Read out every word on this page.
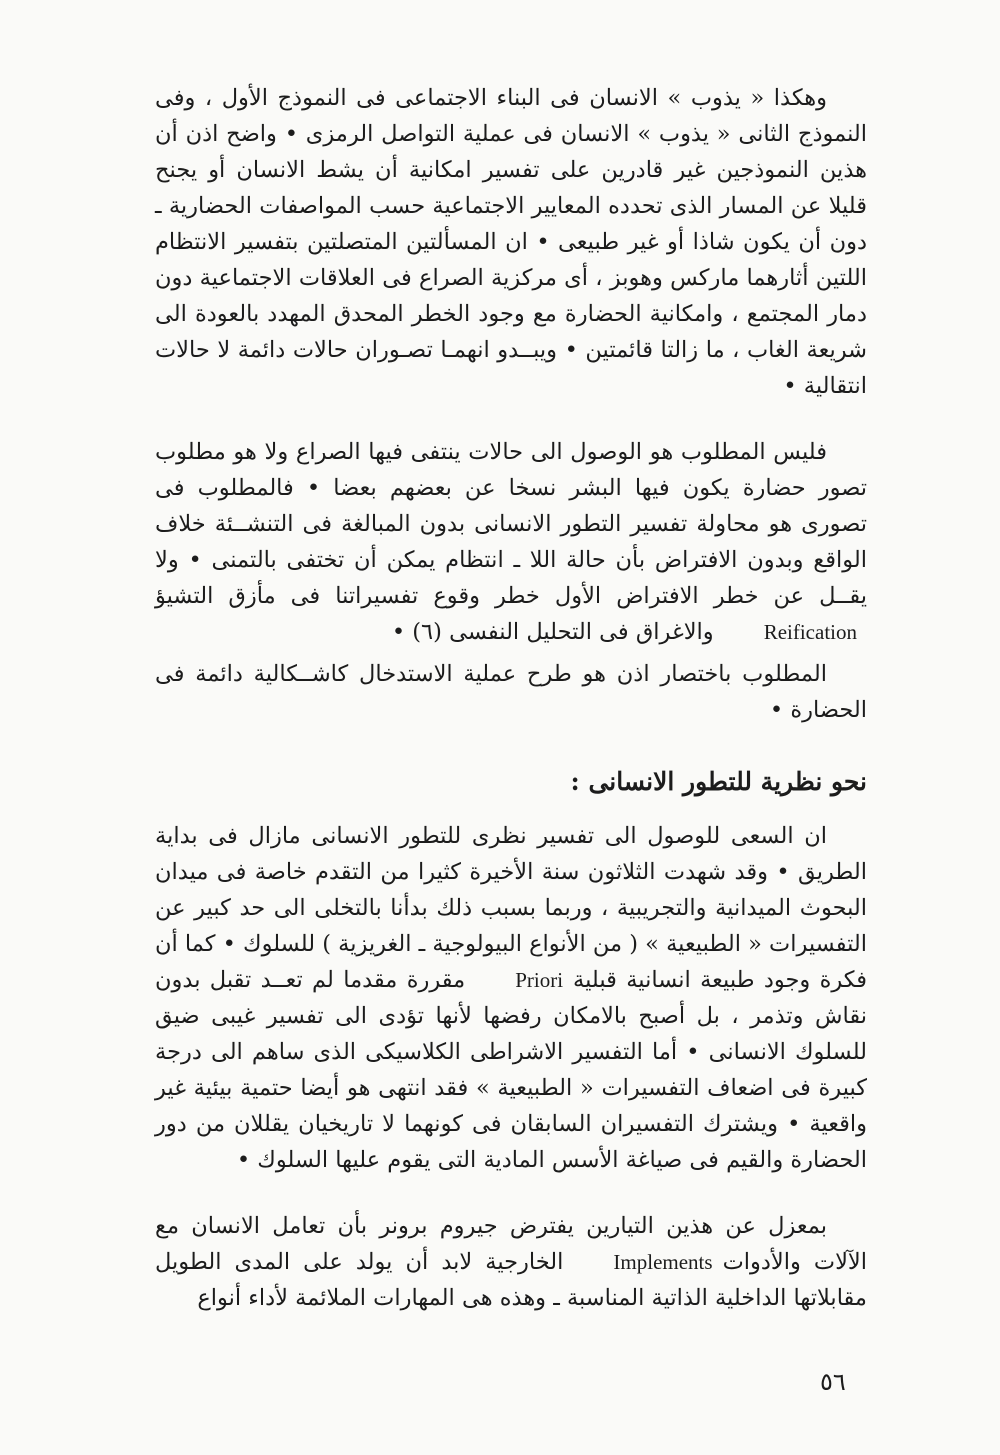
وهكذا « يذوب » الانسان فى البناء الاجتماعى فى النموذج الأول ، وفى النموذج الثانى « يذوب » الانسان فى عملية التواصل الرمزى • واضح اذن أن هذين النموذجين غير قادرين على تفسير امكانية أن يشط الانسان أو يجنح قليلا عن المسار الذى تحدده المعايير الاجتماعية حسب المواصفات الحضارية ـ دون أن يكون شاذا أو غير طبيعى • ان المسألتين المتصلتين بتفسير الانتظام اللتين أثارهما ماركس وهوبز ، أى مركزية الصراع فى العلاقات الاجتماعية دون دمار المجتمع ، وامكانية الحضارة مع وجود الخطر المحدق المهدد بالعودة الى شريعة الغاب ، ما زالتا قائمتين • ويبــدو انهمـا تصـوران حالات دائمة لا حالات انتقالية •

فليس المطلوب هو الوصول الى حالات ينتفى فيها الصراع ولا هو مطلوب تصور حضارة يكون فيها البشر نسخا عن بعضهم بعضا • فالمطلوب فى تصورى هو محاولة تفسير التطور الانسانى بدون المبالغة فى التنشــئة خلاف الواقع وبدون الافتراض بأن حالة اللا ـ انتظام يمكن أن تختفى بالتمنى • ولا يقــل عن خطر الافتراض الأول خطر وقوع تفسيراتنا فى مأزق التشيؤReificationوالاغراق فى التحليل النفسى (٦) •

المطلوب باختصار اذن هو طرح عملية الاستدخال كاشــكالية دائمة فى الحضارة •

نحو نظرية للتطور الانسانى :

ان السعى للوصول الى تفسير نظرى للتطور الانسانى مازال فى بداية الطريق • وقد شهدت الثلاثون سنة الأخيرة كثيرا من التقدم خاصة فى ميدان البحوث الميدانية والتجريبية ، وربما بسبب ذلك بدأنا بالتخلى الى حد كبير عن التفسيرات « الطبيعية » ( من الأنواع البيولوجية ـ الغريزية ) للسلوك • كما أن فكرة وجود طبيعة انسانية قبليةPrioriمقررة مقدما لم تعــد تقبل بدون نقاش وتذمر ، بل أصبح بالامكان رفضها لأنها تؤدى الى تفسير غيبى ضيق للسلوك الانسانى • أما التفسير الاشراطى الكلاسيكى الذى ساهم الى درجة كبيرة فى اضعاف التفسيرات « الطبيعية » فقد انتهى هو أيضا حتمية بيئية غير واقعية • ويشترك التفسيران السابقان فى كونهما لا تاريخيان يقللان من دور الحضارة والقيم فى صياغة الأسس المادية التى يقوم عليها السلوك •

بمعزل عن هذين التيارين يفترض جيروم برونر بأن تعامل الانسان مع الآلات والأدواتImplementsالخارجية لابد أن يولد على المدى الطويل مقابلاتها الداخلية الذاتية المناسبة ـ وهذه هى المهارات الملائمة لأداء أنواع

٥٦
